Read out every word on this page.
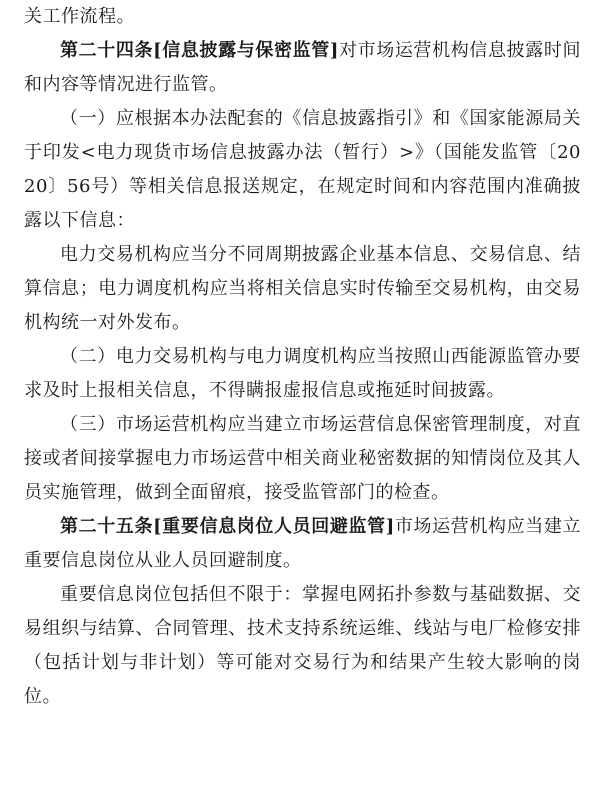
关工作流程。

第二十四条[信息披露与保密监管]对市场运营机构信息披露时间和内容等情况进行监管。

（一）应根据本办法配套的《信息披露指引》和《国家能源局关于印发<电力现货市场信息披露办法（暂行）>》（国能发监管〔2020〕56号）等相关信息报送规定，在规定时间和内容范围内准确披露以下信息：

电力交易机构应当分不同周期披露企业基本信息、交易信息、结算信息；电力调度机构应当将相关信息实时传输至交易机构，由交易机构统一对外发布。

（二）电力交易机构与电力调度机构应当按照山西能源监管办要求及时上报相关信息，不得瞒报虚报信息或拖延时间披露。

（三）市场运营机构应当建立市场运营信息保密管理制度，对直接或者间接掌握电力市场运营中相关商业秘密数据的知情岗位及其人员实施管理，做到全面留痕，接受监管部门的检查。

第二十五条[重要信息岗位人员回避监管]市场运营机构应当建立重要信息岗位从业人员回避制度。

重要信息岗位包括但不限于：掌握电网拓扑参数与基础数据、交易组织与结算、合同管理、技术支持系统运维、线站与电厂检修安排（包括计划与非计划）等可能对交易行为和结果产生较大影响的岗位。
